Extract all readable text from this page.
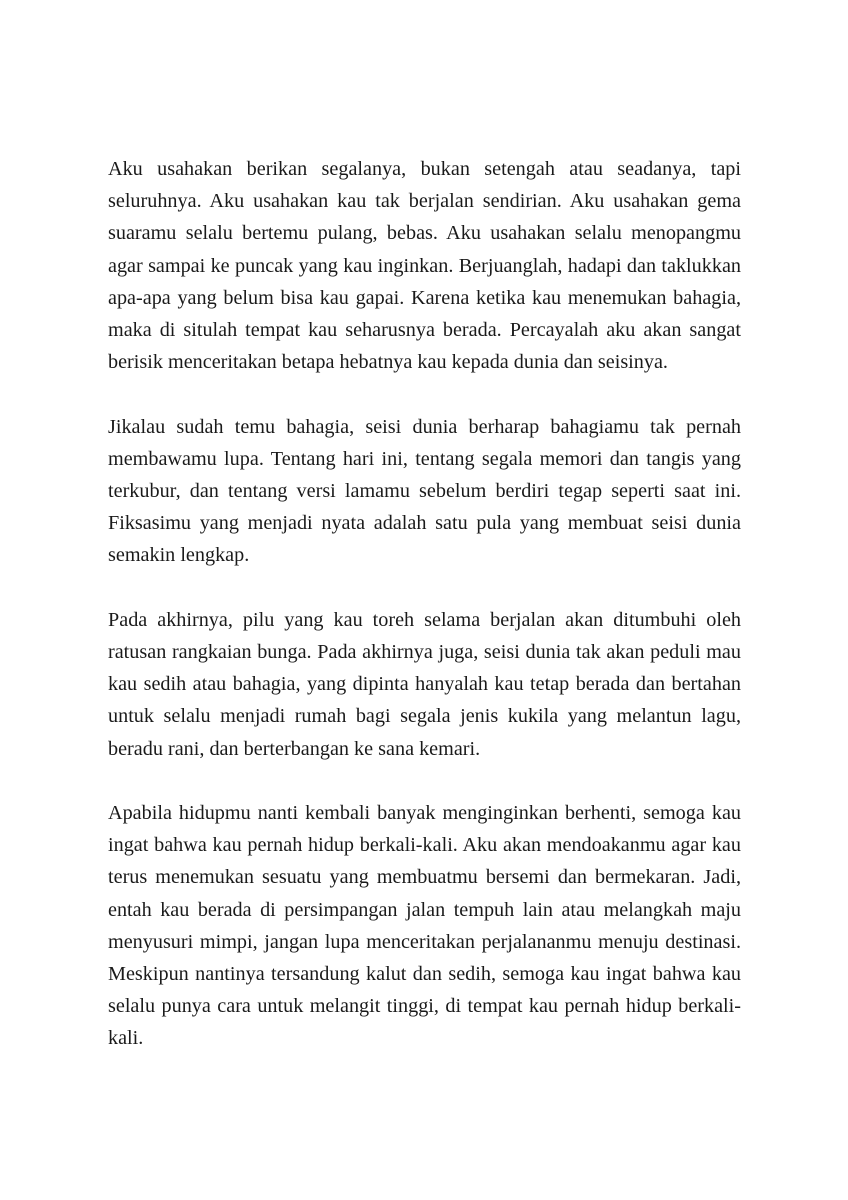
Aku usahakan berikan segalanya, bukan setengah atau seadanya, tapi seluruhnya. Aku usahakan kau tak berjalan sendirian. Aku usahakan gema suaramu selalu bertemu pulang, bebas. Aku usahakan selalu menopangmu agar sampai ke puncak yang kau inginkan. Berjuanglah, hadapi dan taklukkan apa-apa yang belum bisa kau gapai. Karena ketika kau menemukan bahagia, maka di situlah tempat kau seharusnya berada. Percayalah aku akan sangat berisik menceritakan betapa hebatnya kau kepada dunia dan seisinya.

Jikalau sudah temu bahagia, seisi dunia berharap bahagiamu tak pernah membawamu lupa. Tentang hari ini, tentang segala memori dan tangis yang terkubur, dan tentang versi lamamu sebelum berdiri tegap seperti saat ini. Fiksasimu yang menjadi nyata adalah satu pula yang membuat seisi dunia semakin lengkap.

Pada akhirnya, pilu yang kau toreh selama berjalan akan ditumbuhi oleh ratusan rangkaian bunga. Pada akhirnya juga, seisi dunia tak akan peduli mau kau sedih atau bahagia, yang dipinta hanyalah kau tetap berada dan bertahan untuk selalu menjadi rumah bagi segala jenis kukila yang melantun lagu, beradu rani, dan berterbangan ke sana kemari.

Apabila hidupmu nanti kembali banyak menginginkan berhenti, semoga kau ingat bahwa kau pernah hidup berkali-kali. Aku akan mendoakanmu agar kau terus menemukan sesuatu yang membuatmu bersemi dan bermekaran. Jadi, entah kau berada di persimpangan jalan tempuh lain atau melangkah maju menyusuri mimpi, jangan lupa menceritakan perjalananmu menuju destinasi. Meskipun nantinya tersandung kalut dan sedih, semoga kau ingat bahwa kau selalu punya cara untuk melangit tinggi, di tempat kau pernah hidup berkali-kali.
